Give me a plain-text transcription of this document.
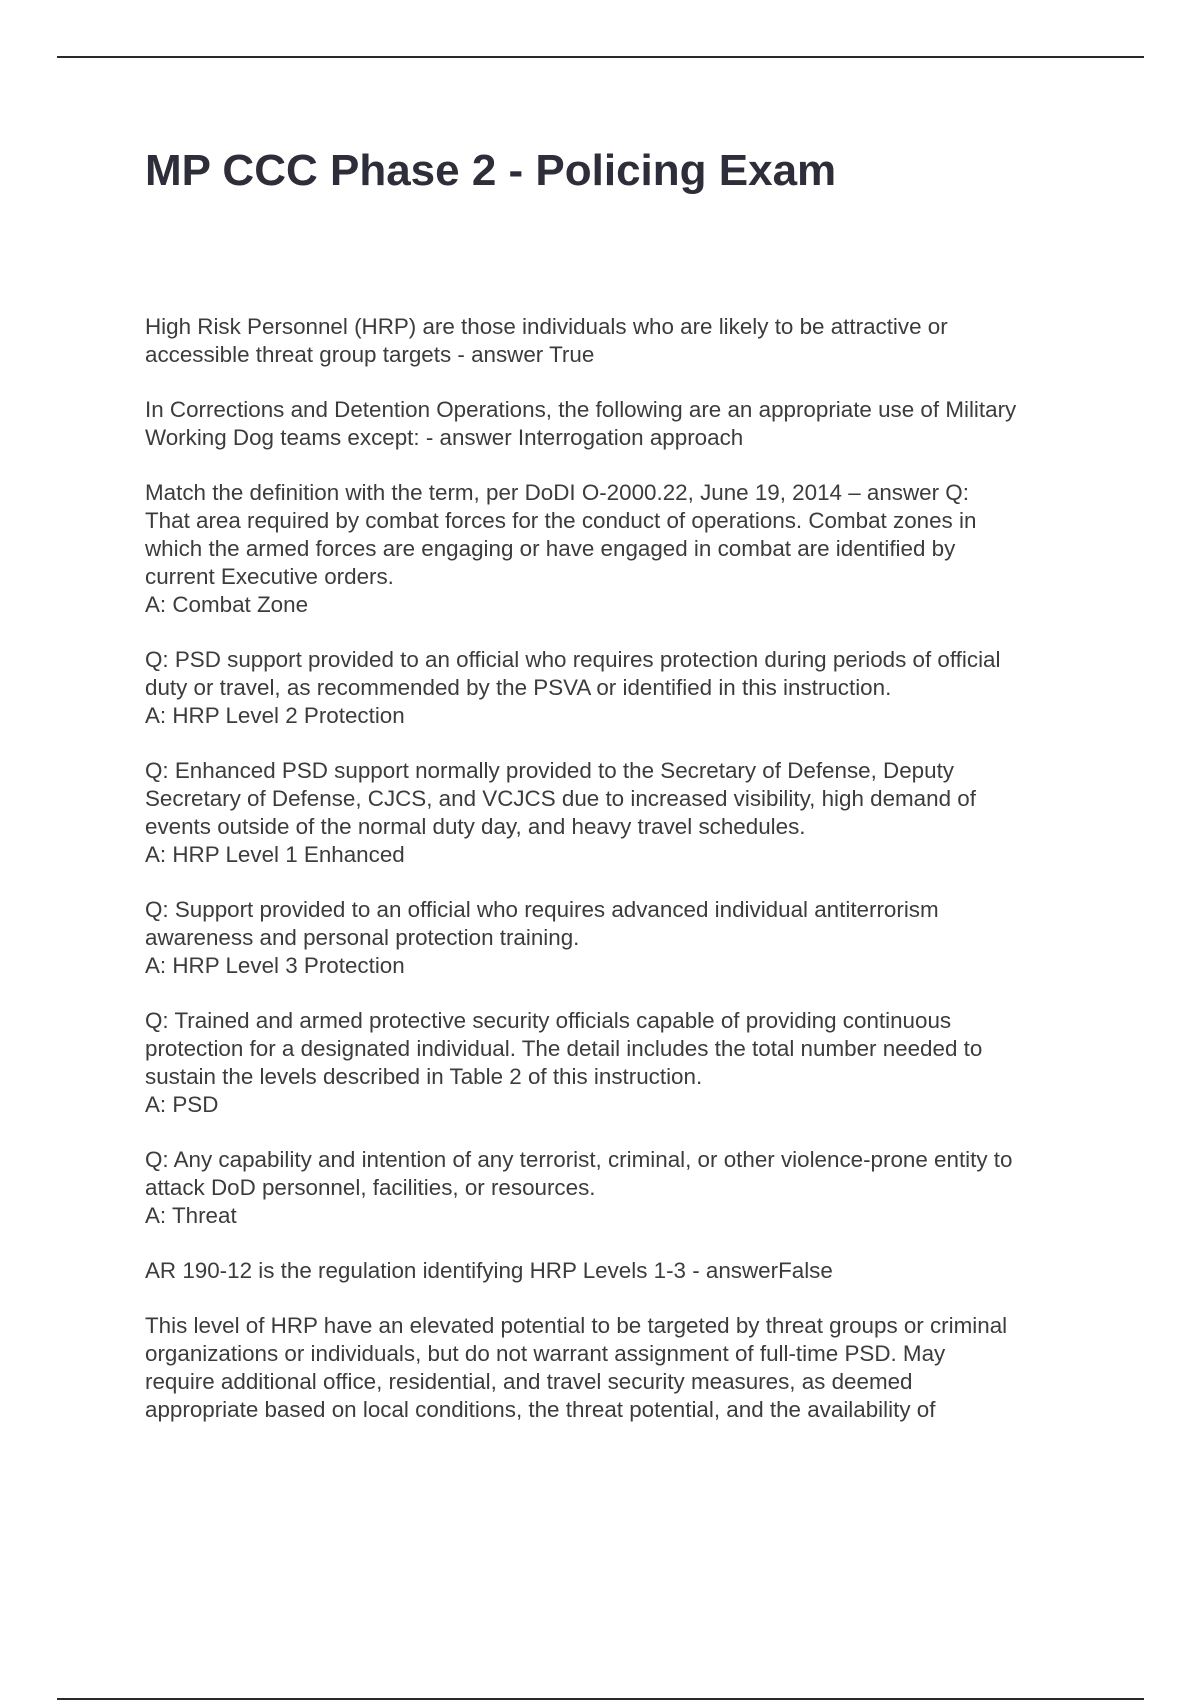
MP CCC Phase 2 - Policing Exam

High Risk Personnel (HRP) are those individuals who are likely to be attractive or
accessible threat group targets - answer True

In Corrections and Detention Operations, the following are an appropriate use of Military
Working Dog teams except: - answer Interrogation approach

Match the definition with the term, per DoDI O-2000.22, June 19, 2014 – answer Q:
That area required by combat forces for the conduct of operations. Combat zones in
which the armed forces are engaging or have engaged in combat are identified by
current Executive orders.
A: Combat Zone

Q: PSD support provided to an official who requires protection during periods of official
duty or travel, as recommended by the PSVA or identified in this instruction.
A: HRP Level 2 Protection

Q: Enhanced PSD support normally provided to the Secretary of Defense, Deputy
Secretary of Defense, CJCS, and VCJCS due to increased visibility, high demand of
events outside of the normal duty day, and heavy travel schedules.
A: HRP Level 1 Enhanced

Q: Support provided to an official who requires advanced individual antiterrorism
awareness and personal protection training.
A: HRP Level 3 Protection

Q: Trained and armed protective security officials capable of providing continuous
protection for a designated individual. The detail includes the total number needed to
sustain the levels described in Table 2 of this instruction.
A: PSD

Q: Any capability and intention of any terrorist, criminal, or other violence-prone entity to
attack DoD personnel, facilities, or resources.
A: Threat

AR 190-12 is the regulation identifying HRP Levels 1-3 - answerFalse

This level of HRP have an elevated potential to be targeted by threat groups or criminal
organizations or individuals, but do not warrant assignment of full-time PSD. May
require additional office, residential, and travel security measures, as deemed
appropriate based on local conditions, the threat potential, and the availability of
